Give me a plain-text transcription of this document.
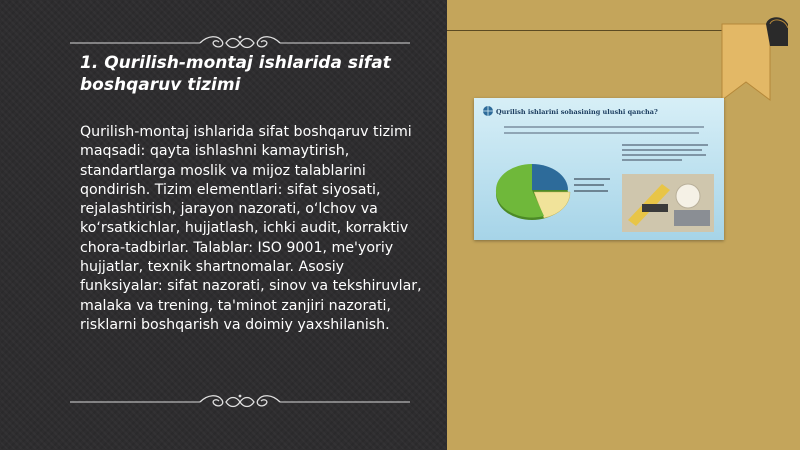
1. Qurilish-montaj ishlarida sifat boshqaruv tizimi
Qurilish-montaj ishlarida sifat boshqaruv tizimi maqsadi: qayta ishlashni kamaytirish, standartlarga moslik va mijoz talablarini qondirish. Tizim elementlari: sifat siyosati, rejalashtirish, jarayon nazorati, o‘lchov va ko‘rsatkichlar, hujjatlash, ichki audit, korraktiv chora-tadbirlar. Talablar: ISO 9001, me'yoriy hujjatlar, texnik shartnomalar. Asosiy funksiyalar: sifat nazorati, sinov va tekshiruvlar, malaka va trening, ta'minot zanjiri nazorati, risklarni boshqarish va doimiy yaxshilanish.
Qurilish ishlarini sohasining ulushi qancha?
